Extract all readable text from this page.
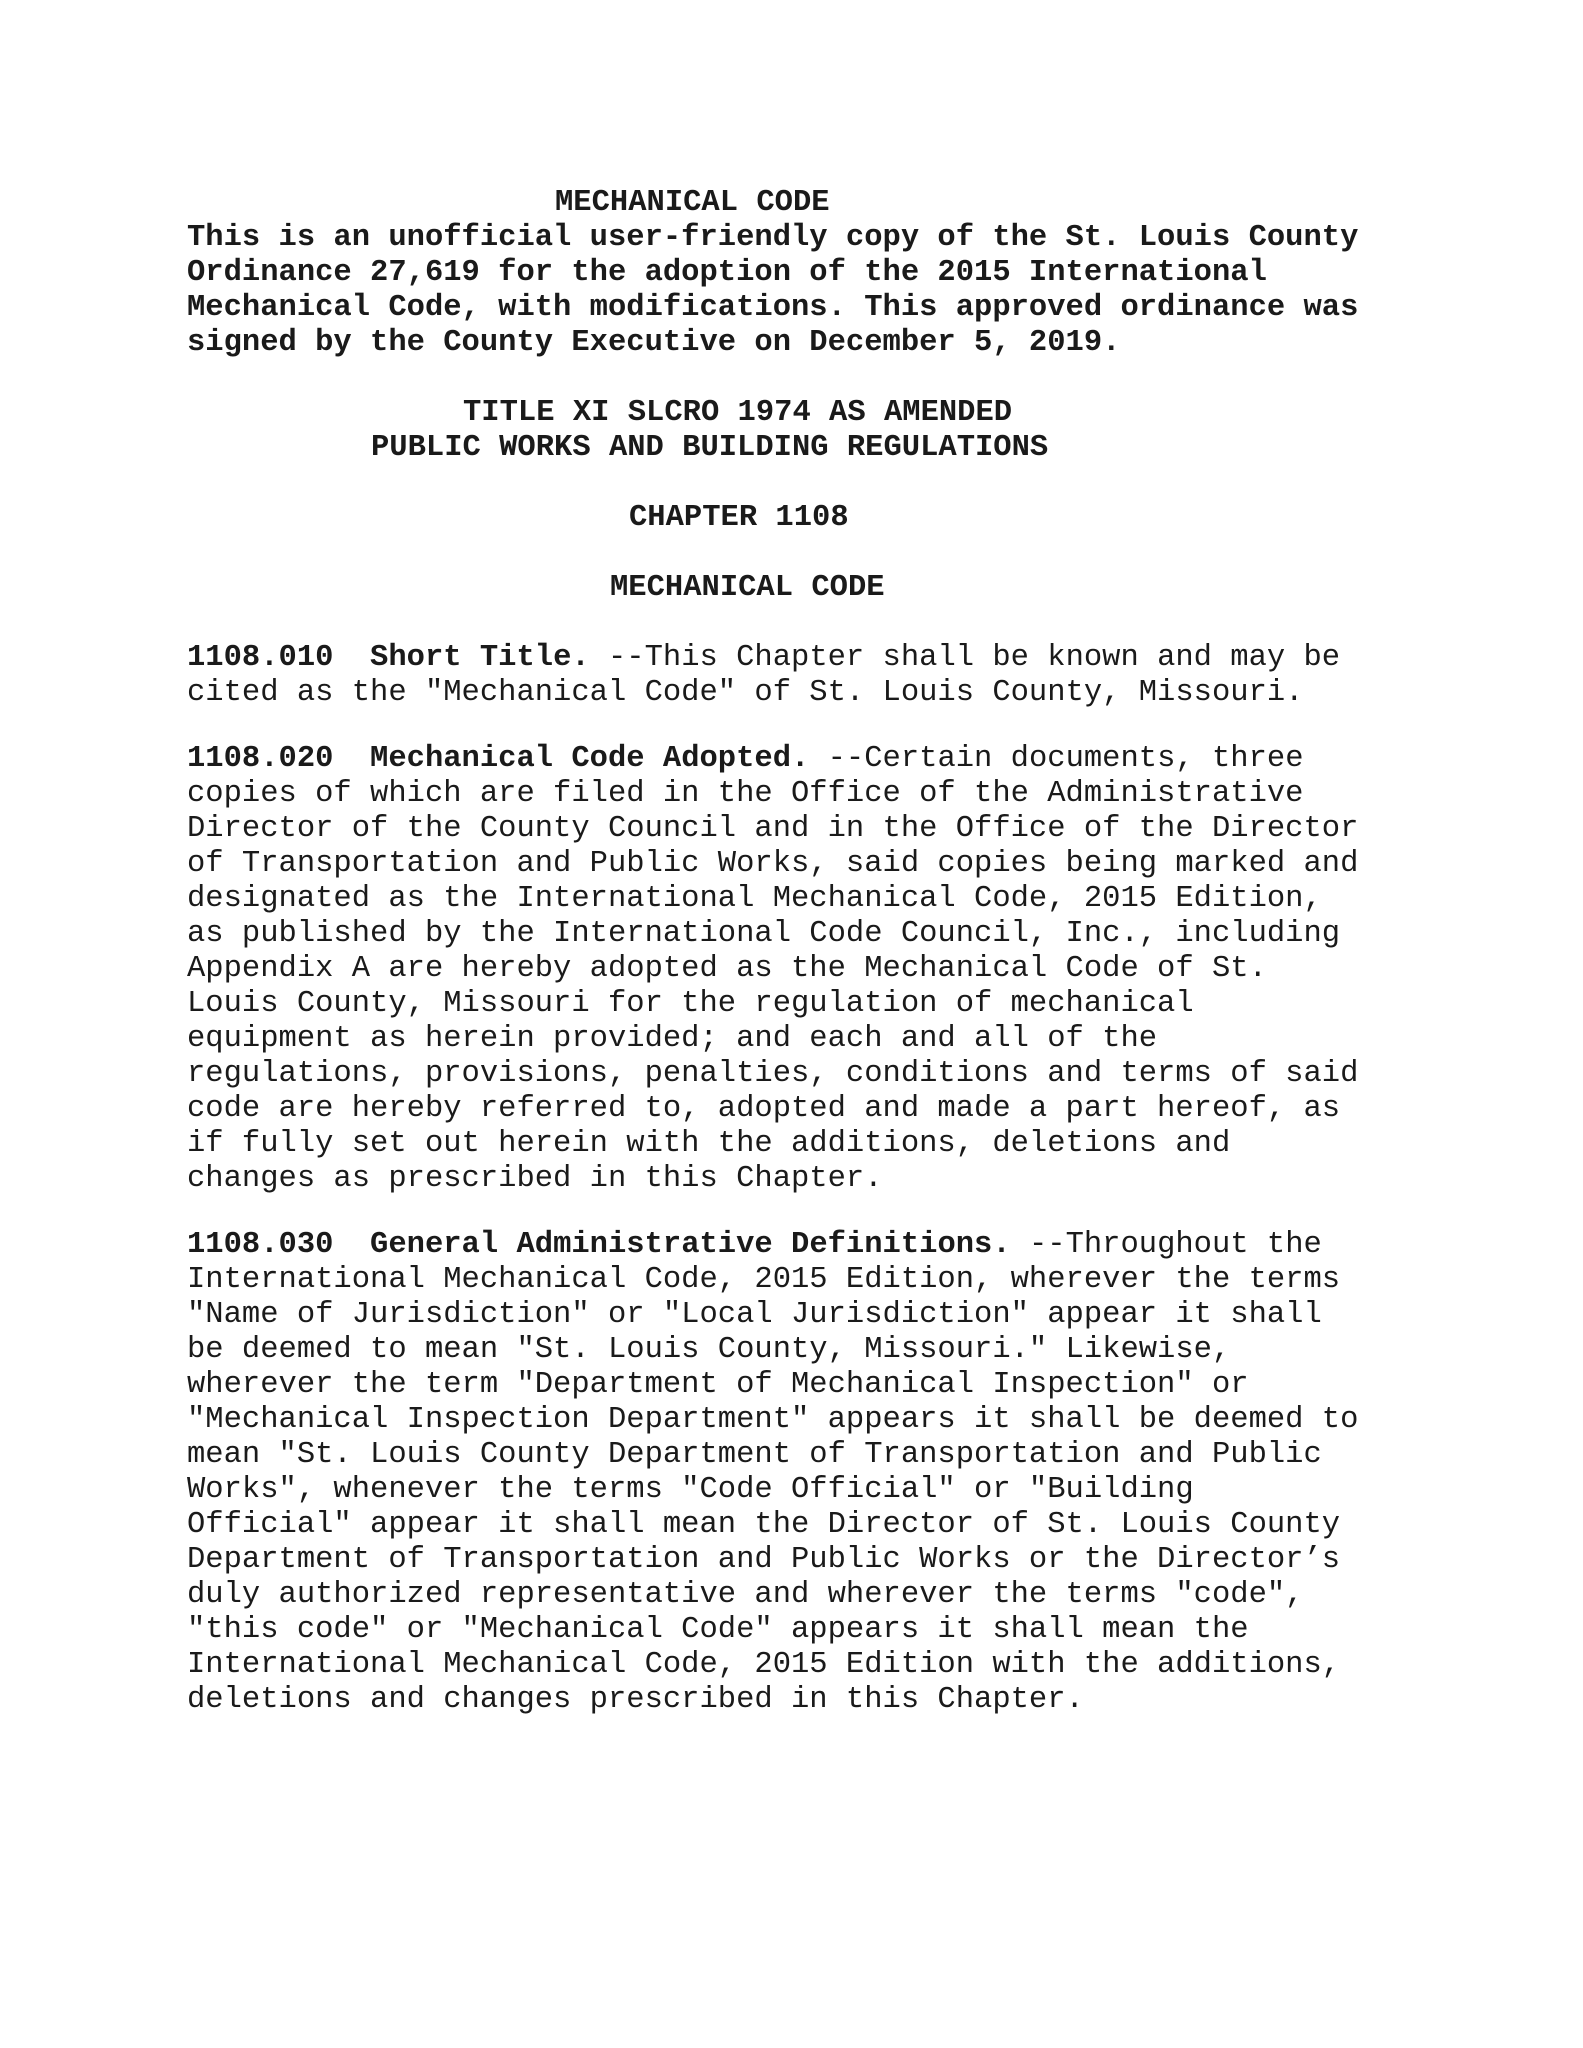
MECHANICAL CODE
This is an unofficial user-friendly copy of the St. Louis County
Ordinance 27,619 for the adoption of the 2015 International
Mechanical Code, with modifications. This approved ordinance was
signed by the County Executive on December 5, 2019.
TITLE XI SLCRO 1974 AS AMENDED
PUBLIC WORKS AND BUILDING REGULATIONS
CHAPTER 1108
MECHANICAL CODE
1108.010 Short Title. --This Chapter shall be known and may be
cited as the "Mechanical Code" of St. Louis County, Missouri.
1108.020 Mechanical Code Adopted. --Certain documents, three
copies of which are filed in the Office of the Administrative
Director of the County Council and in the Office of the Director
of Transportation and Public Works, said copies being marked and
designated as the International Mechanical Code, 2015 Edition,
as published by the International Code Council, Inc., including
Appendix A are hereby adopted as the Mechanical Code of St.
Louis County, Missouri for the regulation of mechanical
equipment as herein provided; and each and all of the
regulations, provisions, penalties, conditions and terms of said
code are hereby referred to, adopted and made a part hereof, as
if fully set out herein with the additions, deletions and
changes as prescribed in this Chapter.
1108.030 General Administrative Definitions. --Throughout the
International Mechanical Code, 2015 Edition, wherever the terms
"Name of Jurisdiction" or "Local Jurisdiction" appear it shall
be deemed to mean "St. Louis County, Missouri." Likewise,
wherever the term "Department of Mechanical Inspection" or
"Mechanical Inspection Department" appears it shall be deemed to
mean "St. Louis County Department of Transportation and Public
Works", whenever the terms "Code Official" or "Building
Official" appear it shall mean the Director of St. Louis County
Department of Transportation and Public Works or the Director’s
duly authorized representative and wherever the terms "code",
"this code" or "Mechanical Code" appears it shall mean the
International Mechanical Code, 2015 Edition with the additions,
deletions and changes prescribed in this Chapter.
